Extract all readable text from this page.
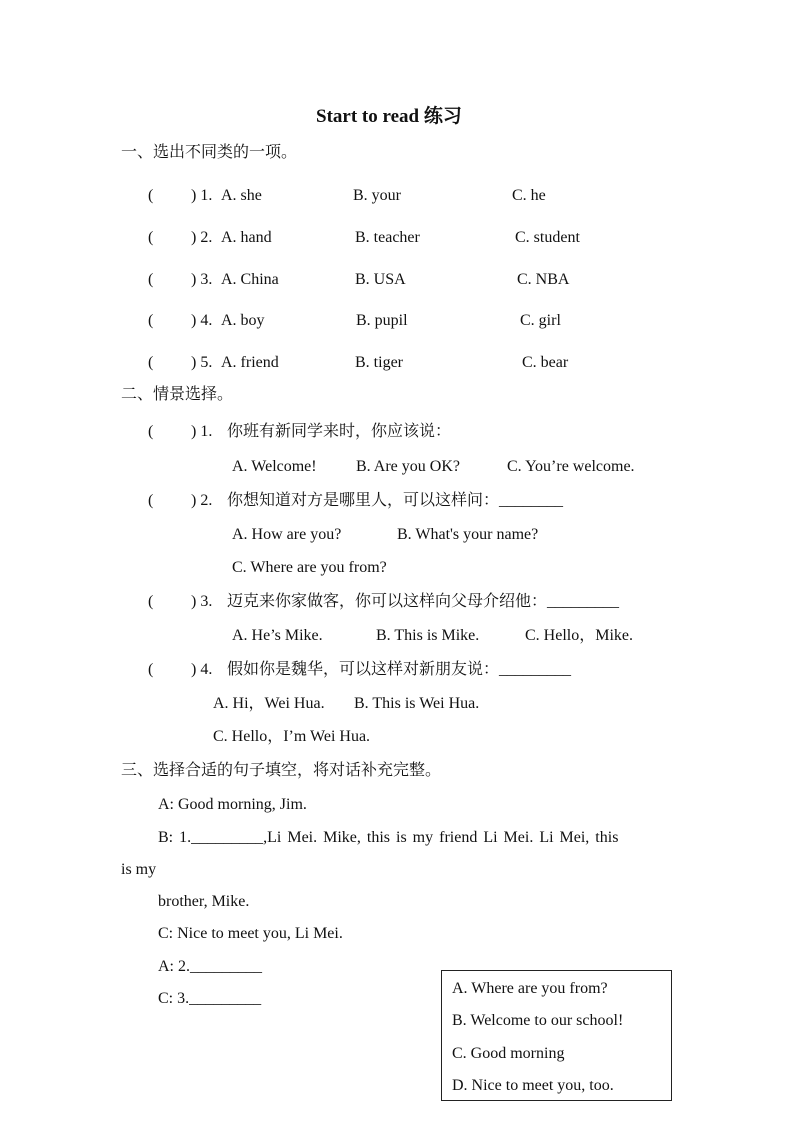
Start to read 练习
一、选出不同类的一项。
( ) 1. A. she	B. your	C. he
( ) 2. A. hand	B. teacher	C. student
( ) 3. A. China	B. USA	C. NBA
( ) 4. A. boy	B. pupil	C. girl
( ) 5. A. friend	B. tiger	C. bear
二、情景选择。
( ) 1. 你班有新同学来时，你应该说：
A. Welcome! B. Are you OK?	C. You’re welcome.
( ) 2. 你想知道对方是哪里人，可以这样问：________
A. How are you?	B. What's your name?
C. Where are you from?
( ) 3. 迈克来你家做客，你可以这样向父母介绍他：_________
A. He’s Mike.	B. This is Mike.	C. Hello，Mike.
( ) 4. 假如你是魏华，可以这样对新朋友说：_________
A. Hi，Wei Hua. B. This is Wei Hua.
C. Hello，I’m Wei Hua.
三、选择合适的句子填空，将对话补充完整。
A: Good morning, Jim.
B: 1._________,Li Mei. Mike, this is my friend Li Mei. Li Mei, this
is my
brother, Mike.
C: Nice to meet you, Li Mei.
A: 2._________
C: 3._________
A. Where are you from?
B. Welcome to our school!
C. Good morning
D. Nice to meet you, too.
